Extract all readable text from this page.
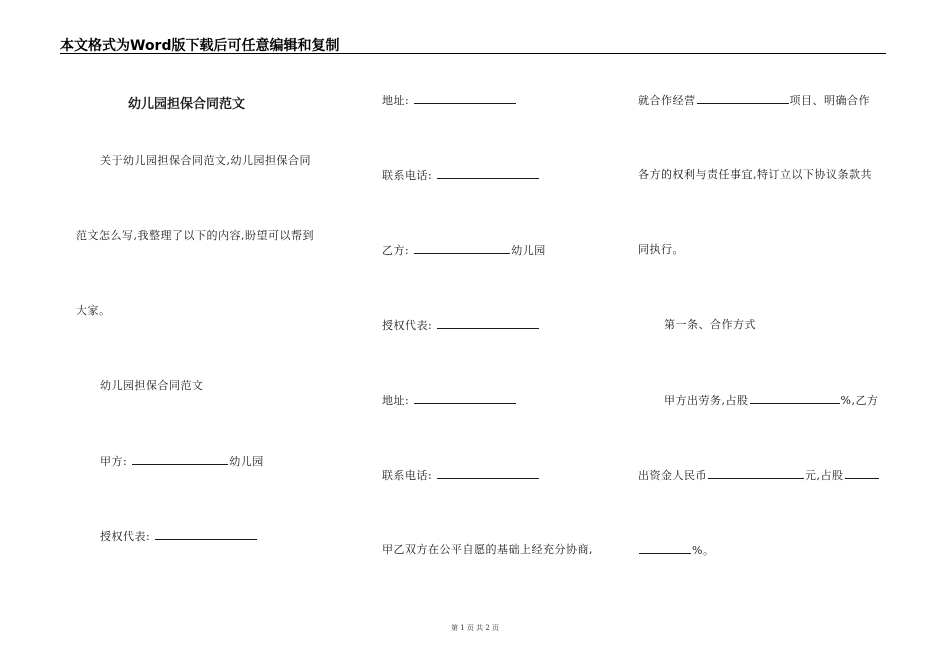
本文格式为Word版下载后可任意编辑和复制
幼儿园担保合同范文
关于幼儿园担保合同范文,幼儿园担保合同
范文怎么写,我整理了以下的内容,盼望可以帮到
大家。
幼儿园担保合同范文
甲方:	幼儿园
授权代表:
地址:
联系电话:
乙方:	幼儿园
授权代表:
地址:
联系电话:
甲乙双方在公平自愿的基础上经充分协商,
就合作经营	项目、明确合作
各方的权利与责任事宜,特订立以下协议条款共
同执行。
第一条、合作方式
甲方出劳务,占股	%,乙方
出资金人民币	元,占股
%。
第 1 页 共 2 页
